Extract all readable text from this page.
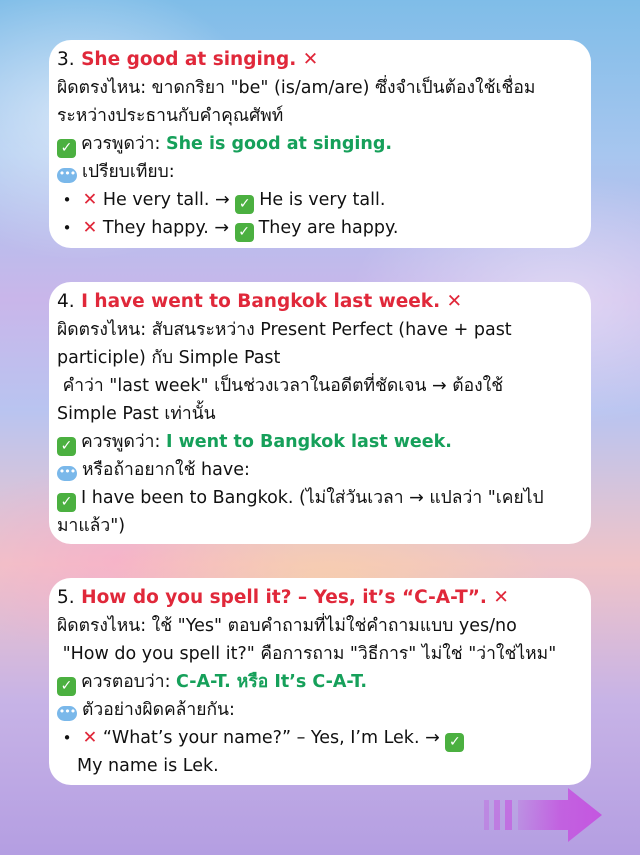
3. She good at singing. ✕
ผิดตรงไหน: ขาดกริยา "be" (is/am/are) ซึ่งจำเป็นต้องใช้เชื่อม
ระหว่างประธานกับคำคุณศัพท์
✓ ควรพูดว่า: She is good at singing.
••• เปรียบเทียบ:
• ✕ He very tall. → ✓ He is very tall.
• ✕ They happy. → ✓ They are happy.
4. I have went to Bangkok last week. ✕
ผิดตรงไหน: สับสนระหว่าง Present Perfect (have + past
participle) กับ Simple Past
คำว่า "last week" เป็นช่วงเวลาในอดีตที่ชัดเจน → ต้องใช้
Simple Past เท่านั้น
✓ ควรพูดว่า: I went to Bangkok last week.
••• หรือถ้าอยากใช้ have:
✓ I have been to Bangkok. (ไม่ใส่วันเวลา → แปลว่า "เคยไป
มาแล้ว")
5. How do you spell it? – Yes, it’s “C-A-T”. ✕
ผิดตรงไหน: ใช้ "Yes" ตอบคำถามที่ไม่ใช่คำถามแบบ yes/no
"How do you spell it?" คือการถาม "วิธีการ" ไม่ใช่ "ว่าใช่ไหม"
✓ ควรตอบว่า: C-A-T. หรือ It’s C-A-T.
••• ตัวอย่างผิดคล้ายกัน:
• ✕ “What’s your name?” – Yes, I’m Lek. → ✓
My name is Lek.
